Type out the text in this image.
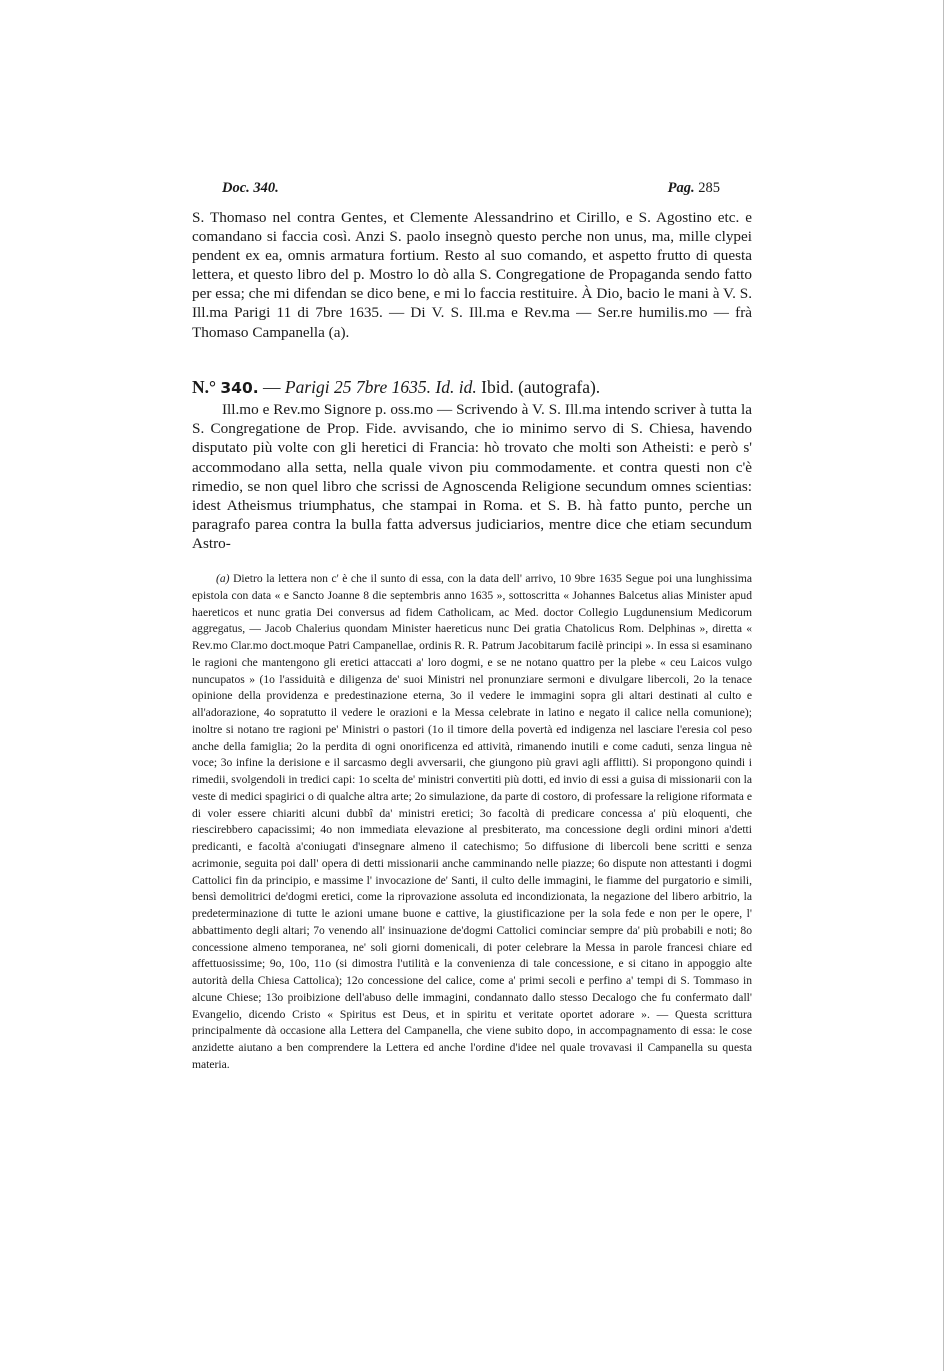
Doc. 340.	Pag. 285

S. Thomaso nel contra Gentes, et Clemente Alessandrino et Cirillo, e S. Agostino etc. e comandano si faccia così. Anzi S. paolo insegnò questo perche non unus, ma, mille clypei pendent ex ea, omnis armatura fortium. Resto al suo comando, et aspetto frutto di questa lettera, et questo libro del p. Mostro lo dò alla S. Congregatione de Propaganda sendo fatto per essa; che mi difendan se dico bene, e mi lo faccia restituire. À Dio, bacio le mani à V. S. Ill.ma Parigi 11 di 7bre 1635. — Di V. S. Ill.ma e Rev.ma — Ser.re humilis.mo — frà Thomaso Campanella (a).

N.° 340. — Parigi 25 7bre 1635. Id. id. Ibid. (autografa).

Ill.mo e Rev.mo Signore p. oss.mo — Scrivendo à V. S. Ill.ma intendo scriver à tutta la S. Congregatione de Prop. Fide. avvisando, che io minimo servo di S. Chiesa, havendo disputato più volte con gli heretici di Francia: hò trovato che molti son Atheisti: e però s' accommodano alla setta, nella quale vivon piu commodamente. et contra questi non c'è rimedio, se non quel libro che scrissi de Agnoscenda Religione secundum omnes scientias: idest Atheismus triumphatus, che stampai in Roma. et S. B. hà fatto punto, perche un paragrafo parea contra la bulla fatta adversus judiciarios, mentre dice che etiam secundum Astro-

(a) Dietro la lettera non c' è che il sunto di essa, con la data dell' arrivo, 10 9bre 1635 Segue poi una lunghissima epistola con data « e Sancto Joanne 8 die septembris anno 1635 », sottoscritta « Johannes Balcetus alias Minister apud haereticos et nunc gratia Dei conversus ad fidem Catholicam, ac Med. doctor Collegio Lugdunensium Medicorum aggregatus, — Jacob Chalerius quondam Minister haereticus nunc Dei gratia Chatolicus Rom. Delphinas », diretta « Rev.mo Clar.mo doct.moque Patri Campanellae, ordinis R. R. Patrum Jacobitarum facilè principi ». In essa si esaminano le ragioni che mantengono gli eretici attaccati a' loro dogmi, e se ne notano quattro per la plebe « ceu Laicos vulgo nuncupatos » (1o l'assiduità e diligenza de' suoi Ministri nel pronunziare sermoni e divulgare libercoli, 2o la tenace opinione della providenza e predestinazione eterna, 3o il vedere le immagini sopra gli altari destinati al culto e all'adorazione, 4o sopratutto il vedere le orazioni e la Messa celebrate in latino e negato il calice nella comunione); inoltre si notano tre ragioni pe' Ministri o pastori (1o il timore della povertà ed indigenza nel lasciare l'eresia col peso anche della famiglia; 2o la perdita di ogni onorificenza ed attività, rimanendo inutili e come caduti, senza lingua nè voce; 3o infine la derisione e il sarcasmo degli avversarii, che giungono più gravi agli afflitti). Si propongono quindi i rimedii, svolgendoli in tredici capi: 1o scelta de' ministri convertiti più dotti, ed invio di essi a guisa di missionarii con la veste di medici spagirici o di qualche altra arte; 2o simulazione, da parte di costoro, di professare la religione riformata e di voler essere chiariti alcuni dubbî da' ministri eretici; 3o facoltà di predicare concessa a' più eloquenti, che riescirebbero capacissimi; 4o non immediata elevazione al presbiterato, ma concessione degli ordini minori a'detti predicanti, e facoltà a'coniugati d'insegnare almeno il catechismo; 5o diffusione di libercoli bene scritti e senza acrimonie, seguita poi dall' opera di detti missionarii anche camminando nelle piazze; 6o dispute non attestanti i dogmi Cattolici fin da principio, e massime l' invocazione de' Santi, il culto delle immagini, le fiamme del purgatorio e simili, bensì demolitrici de'dogmi eretici, come la riprovazione assoluta ed incondizionata, la negazione del libero arbitrio, la predeterminazione di tutte le azioni umane buone e cattive, la giustificazione per la sola fede e non per le opere, l' abbattimento degli altari; 7o venendo all' insinuazione de'dogmi Cattolici cominciar sempre da' più probabili e noti; 8o concessione almeno temporanea, ne' soli giorni domenicali, di poter celebrare la Messa in parole francesi chiare ed affettuosissime; 9o, 10o, 11o (si dimostra l'utilità e la convenienza di tale concessione, e si citano in appoggio alte autorità della Chiesa Cattolica); 12o concessione del calice, come a' primi secoli e perfino a' tempi di S. Tommaso in alcune Chiese; 13o proibizione dell'abuso delle immagini, condannato dallo stesso Decalogo che fu confermato dall' Evangelio, dicendo Cristo « Spiritus est Deus, et in spiritu et veritate oportet adorare ». — Questa scrittura principalmente dà occasione alla Lettera del Campanella, che viene subito dopo, in accompagnamento di essa: le cose anzidette aiutano a ben comprendere la Lettera ed anche l'ordine d'idee nel quale trovavasi il Campanella su questa materia.
